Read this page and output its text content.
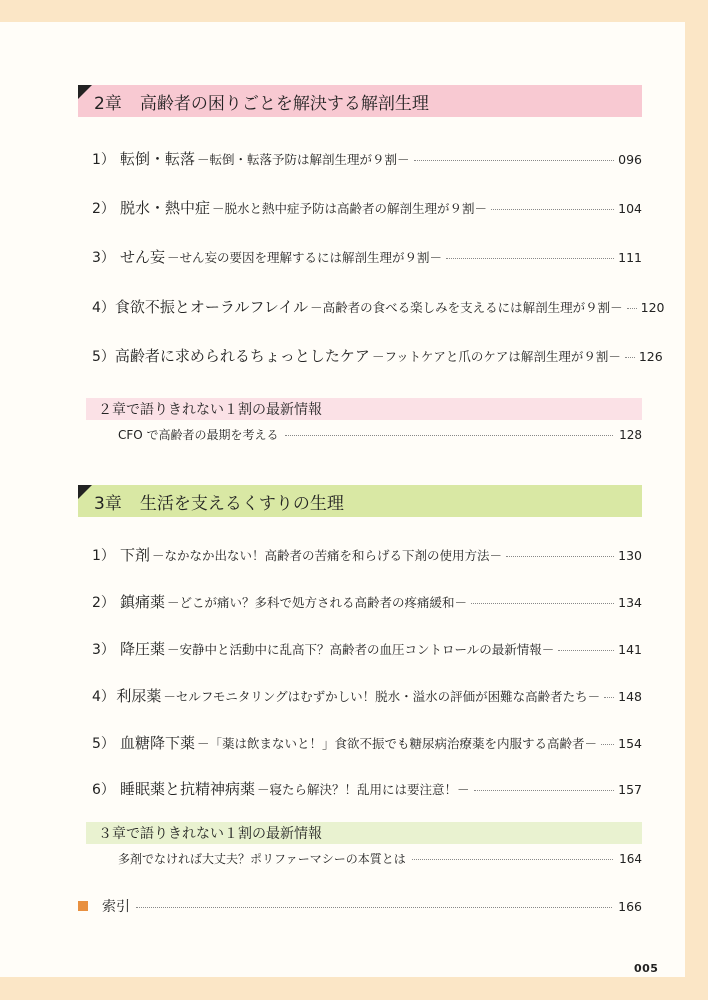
2章 高齢者の困りごとを解決する解剖生理
1） 転倒・転落 －転倒・転落予防は解剖生理が９割－	096
2） 脱水・熱中症 －脱水と熱中症予防は高齢者の解剖生理が９割－	104
3） せん妄 －せん妄の要因を理解するには解剖生理が９割－	111
4） 食欲不振とオーラルフレイル －高齢者の食べる楽しみを支えるには解剖生理が９割－ 120
5） 高齢者に求められるちょっとしたケア －フットケアと爪のケアは解剖生理が９割－ 126
２章で語りきれない１割の最新情報
CFO で高齢者の最期を考える	128
3章 生活を支えるくすりの生理
1） 下剤 －なかなか出ない！高齢者の苦痛を和らげる下剤の使用方法－	130
2） 鎮痛薬 －どこが痛い？多科で処方される高齢者の疼痛緩和－	134
3） 降圧薬 －安静中と活動中に乱高下？高齢者の血圧コントロールの最新情報－	141
4） 利尿薬 －セルフモニタリングはむずかしい！脱水・溢水の評価が困難な高齢者たち－ 148
5） 血糖降下薬 －「薬は飲まないと！」食欲不振でも糖尿病治療薬を内服する高齢者－ 154
6） 睡眠薬と抗精神病薬 －寝たら解決？！乱用には要注意！－	157
３章で語りきれない１割の最新情報
多剤でなければ大丈夫？ポリファーマシーの本質とは	164
索引	166
005
